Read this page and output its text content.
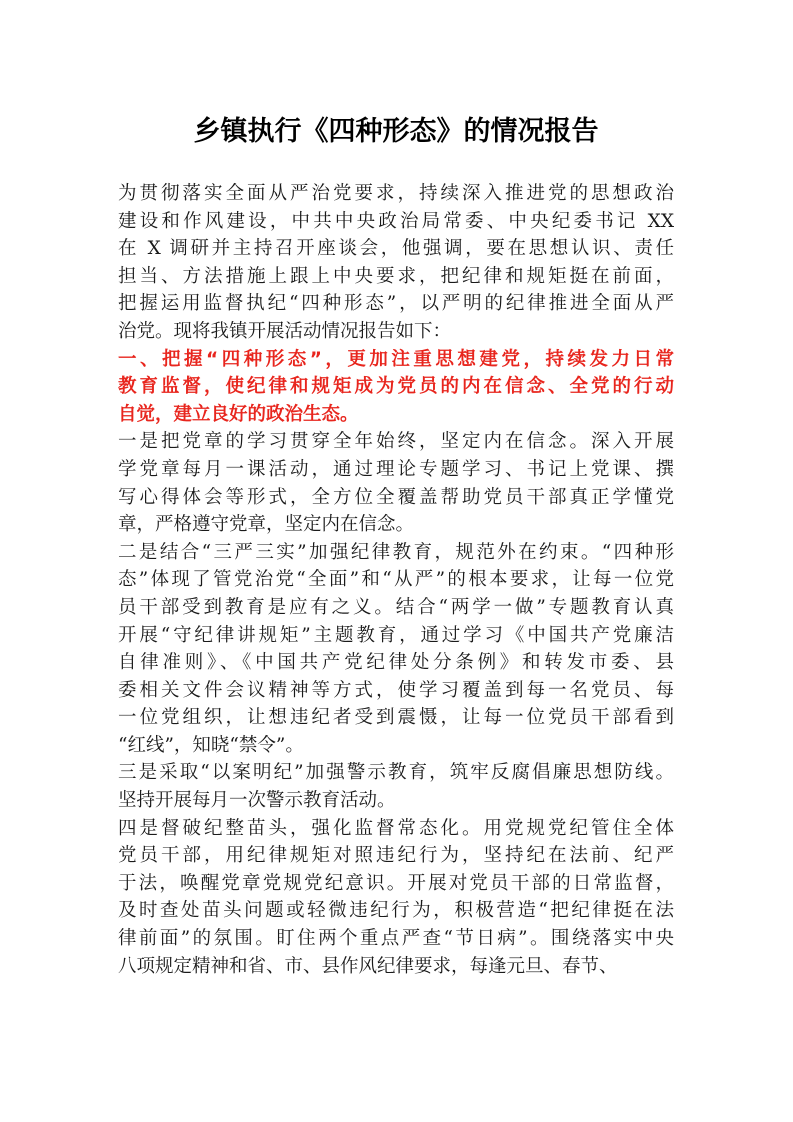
乡镇执行《四种形态》的情况报告
为贯彻落实全面从严治党要求，持续深入推进党的思想政治
建设和作风建设，中共中央政治局常委、中央纪委书记 XX
在 X 调研并主持召开座谈会，他强调，要在思想认识、责任
担当、方法措施上跟上中央要求，把纪律和规矩挺在前面，
把握运用监督执纪“四种形态”，以严明的纪律推进全面从严
治党。现将我镇开展活动情况报告如下：
一、把握“四种形态”，更加注重思想建党，持续发力日常
教育监督，使纪律和规矩成为党员的内在信念、全党的行动
自觉，建立良好的政治生态。
一是把党章的学习贯穿全年始终，坚定内在信念。深入开展
学党章每月一课活动，通过理论专题学习、书记上党课、撰
写心得体会等形式，全方位全覆盖帮助党员干部真正学懂党
章，严格遵守党章，坚定内在信念。
二是结合“三严三实”加强纪律教育，规范外在约束。“四种形
态”体现了管党治党“全面”和“从严”的根本要求，让每一位党
员干部受到教育是应有之义。结合“两学一做”专题教育认真
开展“守纪律讲规矩”主题教育，通过学习《中国共产党廉洁
自律准则》、《中国共产党纪律处分条例》和转发市委、县
委相关文件会议精神等方式，使学习覆盖到每一名党员、每
一位党组织，让想违纪者受到震慑，让每一位党员干部看到
“红线”，知晓“禁令”。
三是采取“以案明纪”加强警示教育，筑牢反腐倡廉思想防线。
坚持开展每月一次警示教育活动。
四是督破纪整苗头，强化监督常态化。用党规党纪管住全体
党员干部，用纪律规矩对照违纪行为，坚持纪在法前、纪严
于法，唤醒党章党规党纪意识。开展对党员干部的日常监督，
及时查处苗头问题或轻微违纪行为，积极营造“把纪律挺在法
律前面”的氛围。盯住两个重点严查“节日病”。围绕落实中央
八项规定精神和省、市、县作风纪律要求，每逢元旦、春节、
